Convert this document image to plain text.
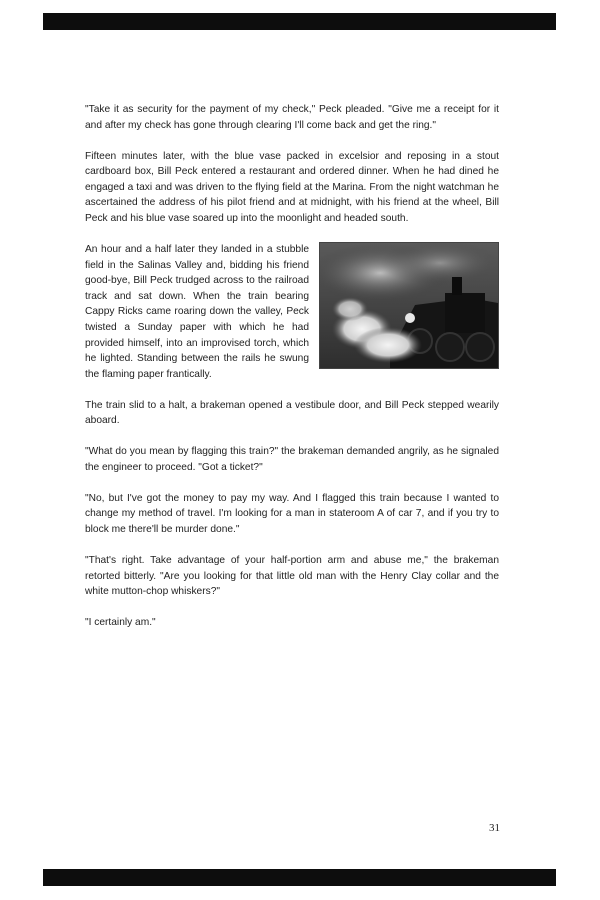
"Take it as security for the payment of my check," Peck pleaded. "Give me a receipt for it and after my check has gone through clearing I'll come back and get the ring."

Fifteen minutes later, with the blue vase packed in excelsior and reposing in a stout cardboard box, Bill Peck entered a restaurant and ordered dinner. When he had dined he engaged a taxi and was driven to the flying field at the Marina. From the night watchman he ascertained the address of his pilot friend and at midnight, with his friend at the wheel, Bill Peck and his blue vase soared up into the moonlight and headed south.

An hour and a half later they landed in a stubble field in the Salinas Valley and, bidding his friend good-bye, Bill Peck trudged across to the railroad track and sat down. When the train bearing Cappy Ricks came roaring down the valley, Peck twisted a Sunday paper with which he had provided himself, into an improvised torch, which he lighted. Standing between the rails he swung the flaming paper frantically.

The train slid to a halt, a brakeman opened a vestibule door, and Bill Peck stepped wearily aboard.

"What do you mean by flagging this train?" the brakeman demanded angrily, as he signaled the engineer to proceed. "Got a ticket?"

"No, but I've got the money to pay my way. And I flagged this train because I wanted to change my method of travel. I'm looking for a man in stateroom A of car 7, and if you try to block me there'll be murder done."

"That's right. Take advantage of your half-portion arm and abuse me," the brakeman retorted bitterly. "Are you looking for that little old man with the Henry Clay collar and the white mutton-chop whiskers?"

"I certainly am."

31
